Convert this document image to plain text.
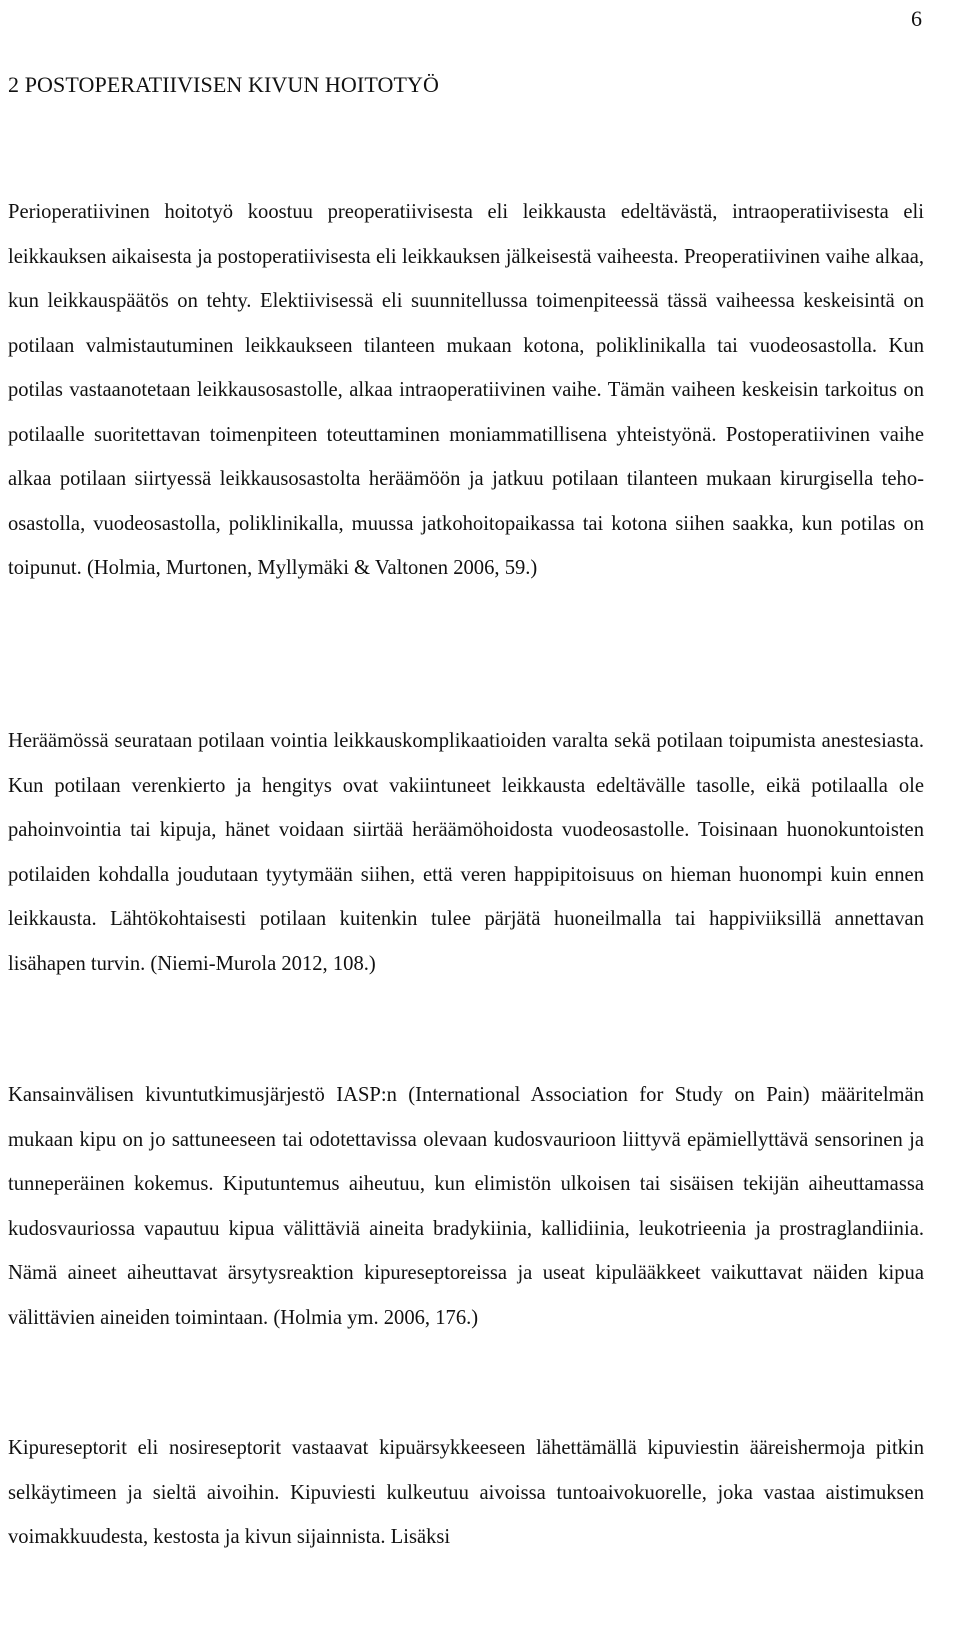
6
2 POSTOPERATIIVISEN KIVUN HOITOTYÖ

Perioperatiivinen hoitotyö koostuu preoperatiivisesta eli leikkausta edeltävästä, intraoperatiivisesta eli leikkauksen aikaisesta ja postoperatiivisesta eli leikkauksen jälkeisestä vaiheesta. Preoperatiivinen vaihe alkaa, kun leikkauspäätös on tehty. Elektiivisessä eli suunnitellussa toimenpiteessä tässä vaiheessa keskeisintä on potilaan valmistautuminen leikkaukseen tilanteen mukaan kotona, poliklinikalla tai vuodeosastolla. Kun potilas vastaanotetaan leikkausosastolle, alkaa intraoperatiivinen vaihe. Tämän vaiheen keskeisin tarkoitus on potilaalle suoritettavan toimenpiteen toteuttaminen moniammatillisena yhteistyönä. Postoperatiivinen vaihe alkaa potilaan siirtyessä leikkausosastolta heräämöön ja jatkuu potilaan tilanteen mukaan kirurgisella teho-osastolla, vuodeosastolla, poliklinikalla, muussa jatkohoitopaikassa tai kotona siihen saakka, kun potilas on toipunut. (Holmia, Murtonen, Myllymäki & Valtonen 2006, 59.)

Heräämössä seurataan potilaan vointia leikkauskomplikaatioiden varalta sekä potilaan toipumista anestesiasta. Kun potilaan verenkierto ja hengitys ovat vakiintuneet leikkausta edeltävälle tasolle, eikä potilaalla ole pahoinvointia tai kipuja, hänet voidaan siirtää heräämöhoidosta vuodeosastolle. Toisinaan huonokuntoisten potilaiden kohdalla joudutaan tyytymään siihen, että veren happipitoisuus on hieman huonompi kuin ennen leikkausta. Lähtökohtaisesti potilaan kuitenkin tulee pärjätä huoneilmalla tai happiviiksillä annettavan lisähapen turvin. (Niemi-Murola 2012, 108.)

Kansainvälisen kivuntutkimusjärjestö IASP:n (International Association for Study on Pain) määritelmän mukaan kipu on jo sattuneeseen tai odotettavissa olevaan kudosvaurioon liittyvä epämiellyttävä sensorinen ja tunneperäinen kokemus. Kiputuntemus aiheutuu, kun elimistön ulkoisen tai sisäisen tekijän aiheuttamassa kudosvauriossa vapautuu kipua välittäviä aineita bradykiinia, kallidiinia, leukotrieenia ja prostraglandiinia. Nämä aineet aiheuttavat ärsytysreaktion kipureseptoreissa ja useat kipulääkkeet vaikuttavat näiden kipua välittävien aineiden toimintaan. (Holmia ym. 2006, 176.)

Kipureseptorit eli nosireseptorit vastaavat kipuärsykkeeseen lähettämällä kipuviestin ääreishermoja pitkin selkäytimeen ja sieltä aivoihin. Kipuviesti kulkeutuu aivoissa tuntoaivokuorelle, joka vastaa aistimuksen voimakkuudesta, kestosta ja kivun sijainnista. Lisäksi
